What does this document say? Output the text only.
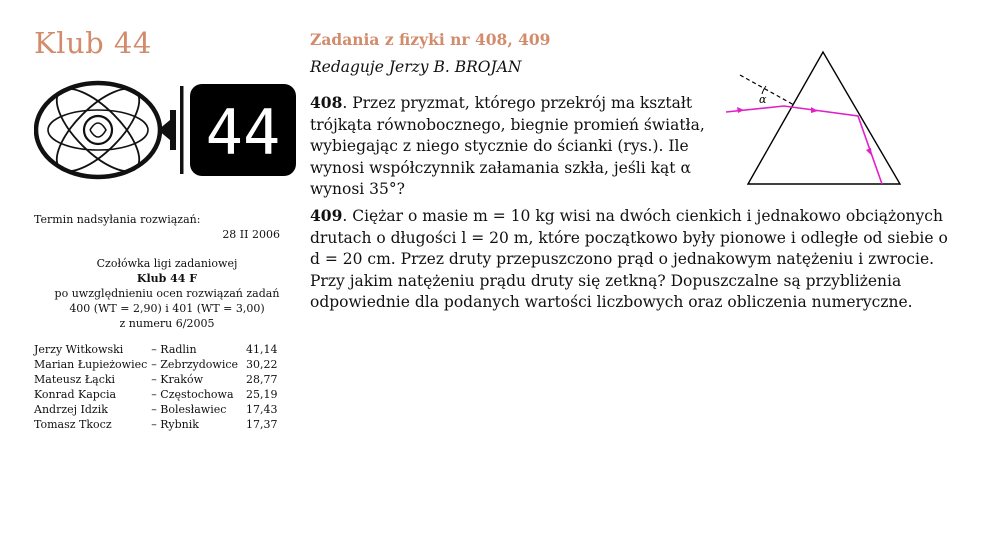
Klub 44
44
Termin nadsyłania rozwiązań:
28 II 2006
Czołówka ligi zadaniowej
Klub 44 F
po uwzględnieniu ocen rozwiązań zadań
400 (WT = 2,90) i 401 (WT = 3,00)
z numeru 6/2005
Jerzy Witkowski	– Radlin	41,14
Marian Łupieżowiec	– Zebrzydowice	30,22
Mateusz Łącki	– Kraków	28,77
Konrad Kapcia	– Częstochowa	25,19
Andrzej Idzik	– Bolesławiec	17,43
Tomasz Tkocz	– Rybnik	17,37
Zadania z fizyki nr 408, 409
Redaguje Jerzy B. BROJAN
408. Przez pryzmat, którego przekrój ma kształt trójkąta równobocznego, biegnie promień światła, wybiegając z niego stycznie do ścianki (rys.). Ile wynosi współczynnik załamania szkła, jeśli kąt α wynosi 35°?
α
409. Ciężar o masie m = 10 kg wisi na dwóch cienkich i jednakowo obciążonych drutach o długości l = 20 m, które początkowo były pionowe i odległe od siebie o d = 20 cm. Przez druty przepuszczono prąd o jednakowym natężeniu i zwrocie. Przy jakim natężeniu prądu druty się zetkną? Dopuszczalne są przybliżenia odpowiednie dla podanych wartości liczbowych oraz obliczenia numeryczne.
